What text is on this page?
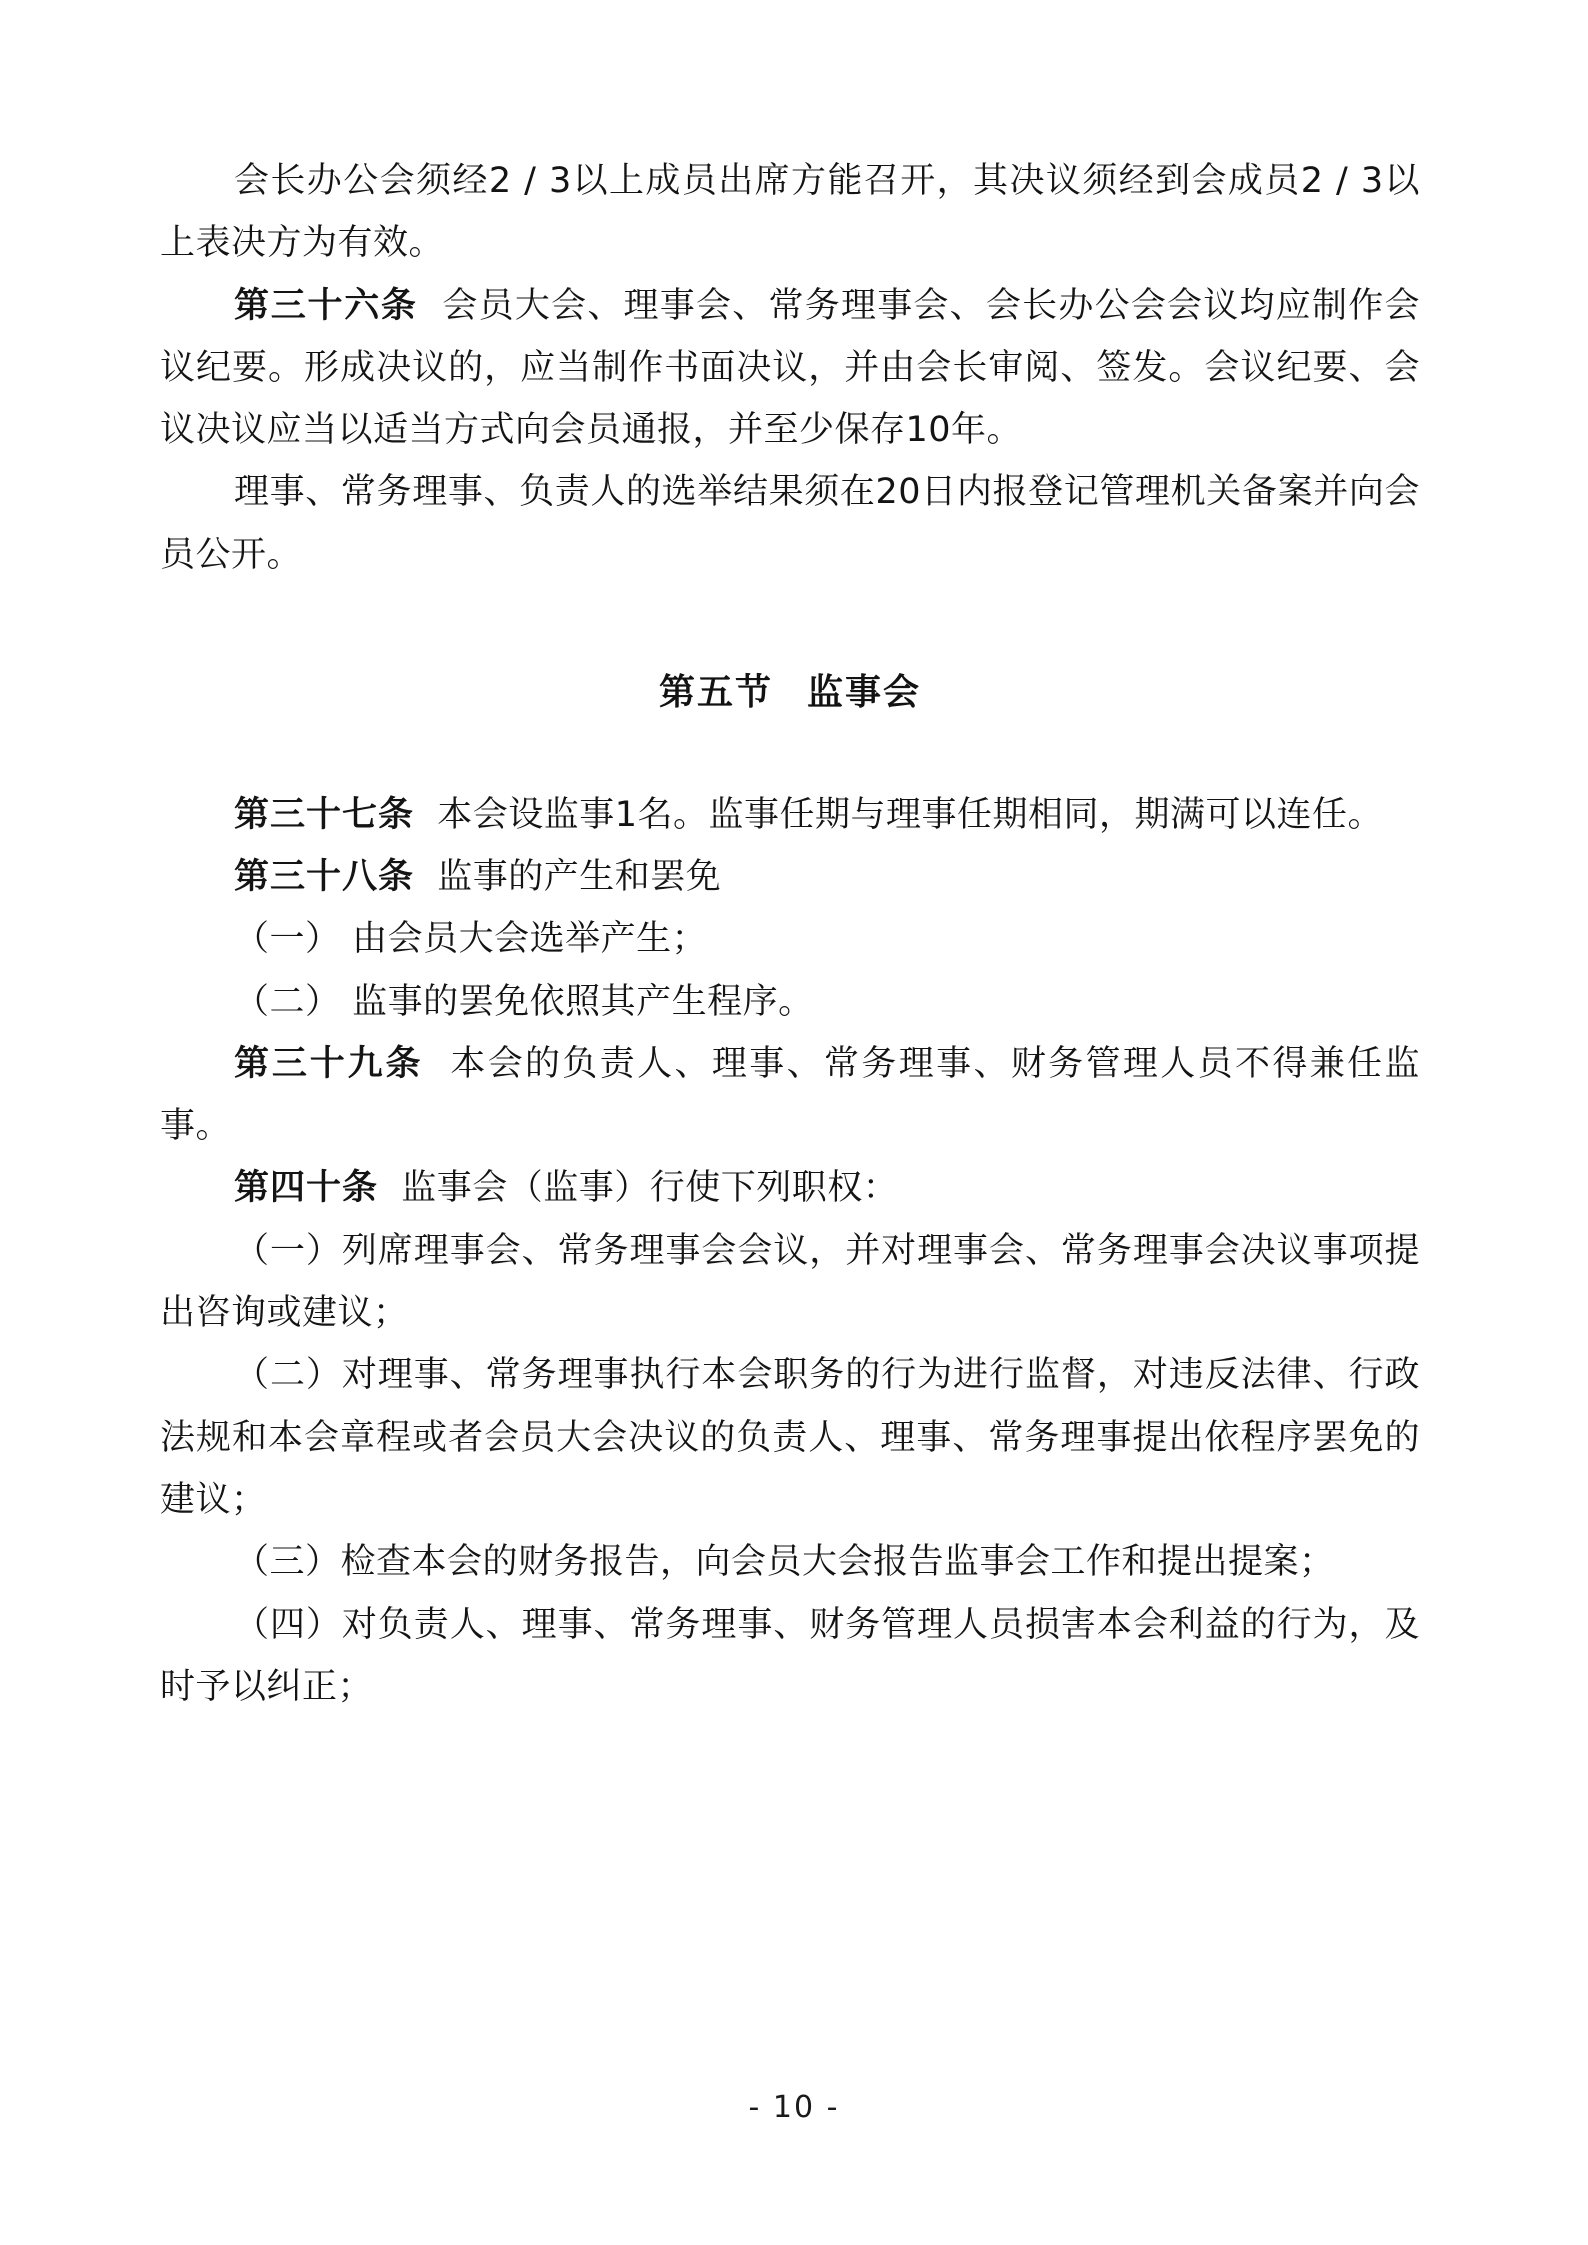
会长办公会须经2 / 3以上成员出席方能召开，其决议须经到会成员2 / 3以上表决方为有效。

第三十六条 会员大会、理事会、常务理事会、会长办公会会议均应制作会议纪要。形成决议的，应当制作书面决议，并由会长审阅、签发。会议纪要、会议决议应当以适当方式向会员通报，并至少保存10年。

理事、常务理事、负责人的选举结果须在20日内报登记管理机关备案并向会员公开。

第五节 监事会

第三十七条 本会设监事1名。监事任期与理事任期相同，期满可以连任。

第三十八条 监事的产生和罢免

（一） 由会员大会选举产生；

（二） 监事的罢免依照其产生程序。

第三十九条 本会的负责人、理事、常务理事、财务管理人员不得兼任监事。

第四十条 监事会（监事）行使下列职权：

（一）列席理事会、常务理事会会议，并对理事会、常务理事会决议事项提出咨询或建议；

（二）对理事、常务理事执行本会职务的行为进行监督，对违反法律、行政法规和本会章程或者会员大会决议的负责人、理事、常务理事提出依程序罢免的建议；

（三）检查本会的财务报告，向会员大会报告监事会工作和提出提案；

（四）对负责人、理事、常务理事、财务管理人员损害本会利益的行为，及时予以纠正；

- 10 -
